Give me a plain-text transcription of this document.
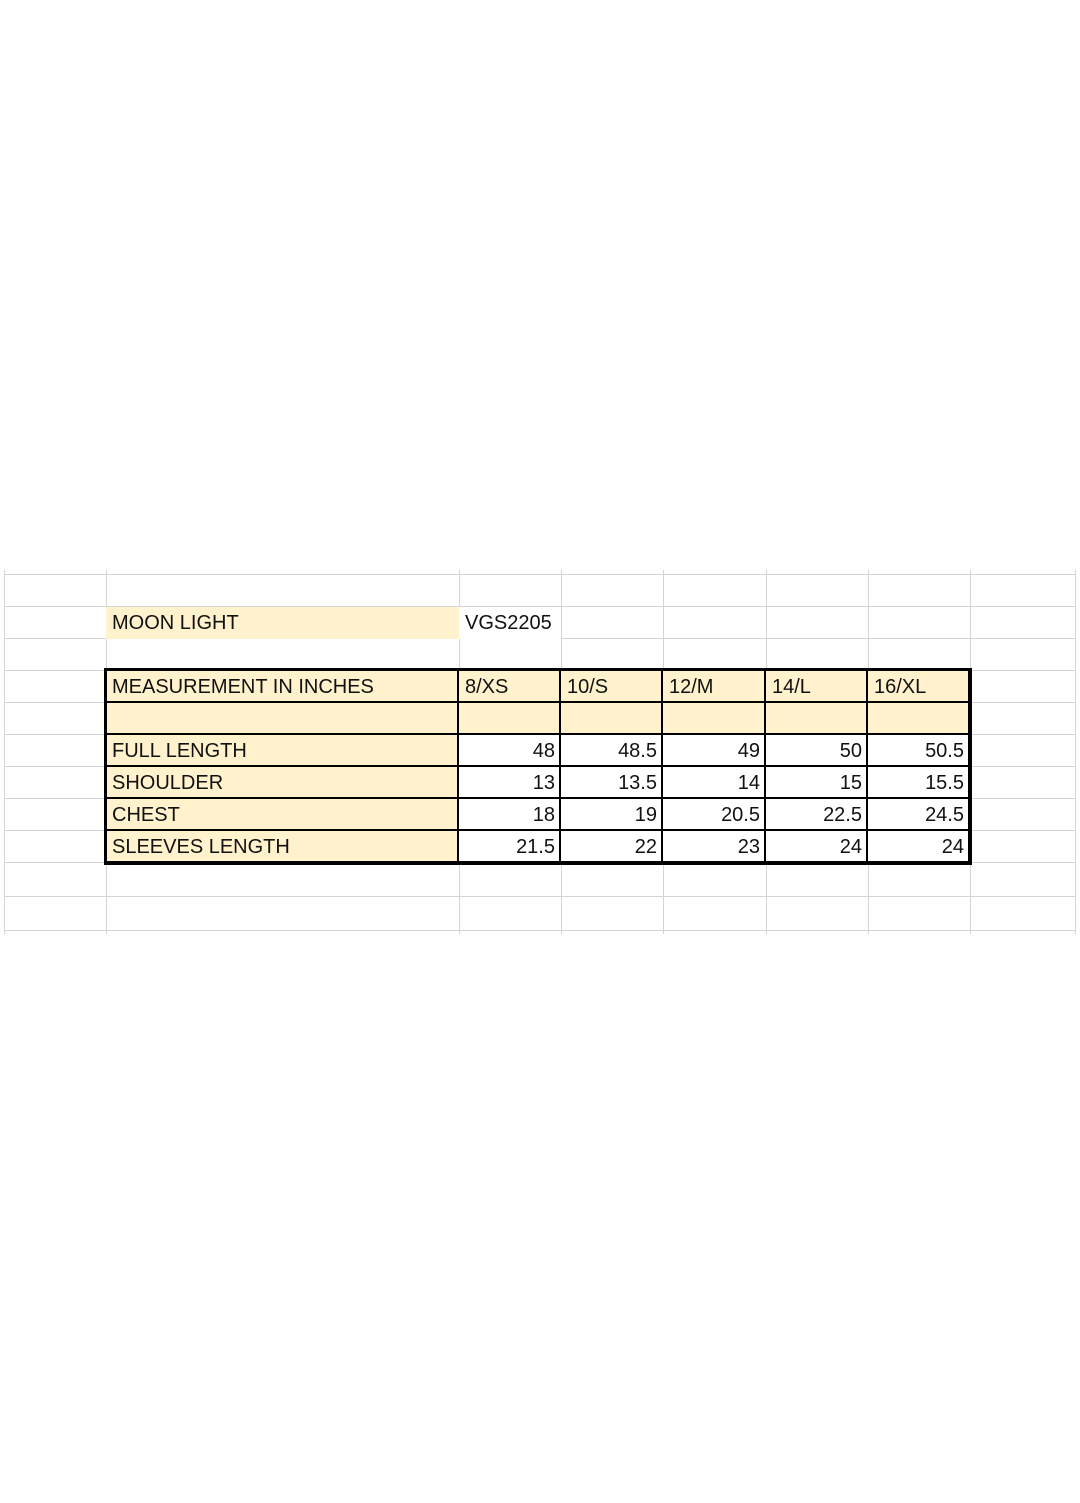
MOON LIGHT	VGS2205
MEASUREMENT IN INCHES	8/XS	10/S	12/M	14/L	16/XL
FULL LENGTH	48	48.5	49	50	50.5
SHOULDER	13	13.5	14	15	15.5
CHEST	18	19	20.5	22.5	24.5
SLEEVES LENGTH	21.5	22	23	24	24
